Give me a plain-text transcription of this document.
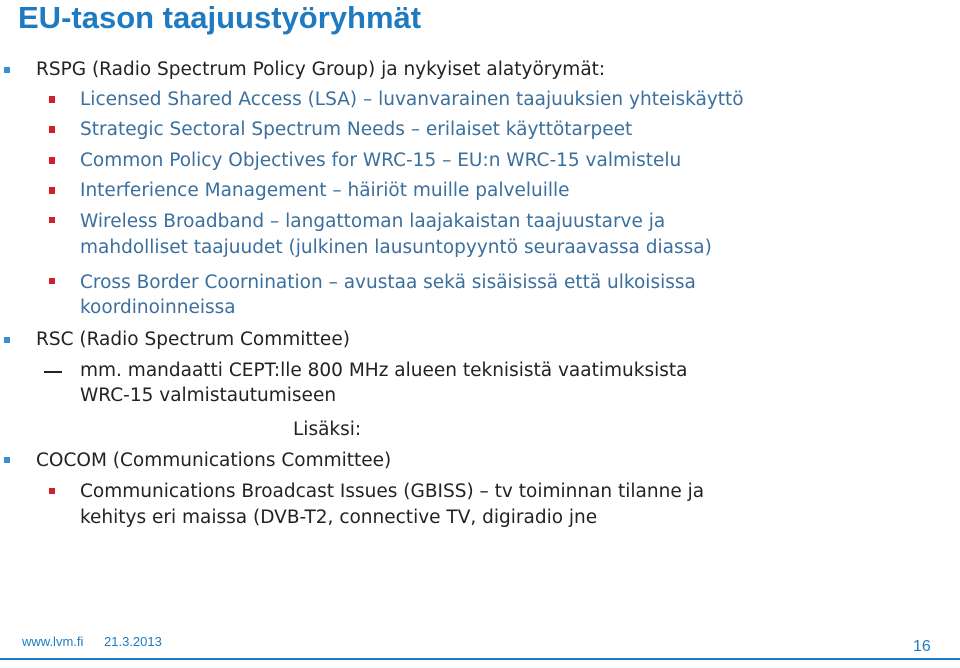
EU-tason taajuustyöryhmät
RSPG (Radio Spectrum Policy Group) ja nykyiset alatyörymät:
Licensed Shared Access (LSA) – luvanvarainen taajuuksien yhteiskäyttö
Strategic Sectoral Spectrum Needs – erilaiset käyttötarpeet
Common Policy Objectives for WRC-15 – EU:n WRC-15 valmistelu
Interferience Management – häiriöt muille palveluille
Wireless Broadband – langattoman laajakaistan taajuustarve ja
mahdolliset taajuudet (julkinen lausuntopyyntö seuraavassa diassa)
Cross Border Coornination – avustaa sekä sisäisissä että ulkoisissa
koordinoinneissa
RSC (Radio Spectrum Committee)
mm. mandaatti CEPT:lle 800 MHz alueen teknisistä vaatimuksista
WRC-15 valmistautumiseen
Lisäksi:
COCOM (Communications Committee)
Communications Broadcast Issues (GBISS) – tv toiminnan tilanne ja
kehitys eri maissa (DVB-T2, connective TV, digiradio jne
www.lvm.fi 21.3.2013	16
